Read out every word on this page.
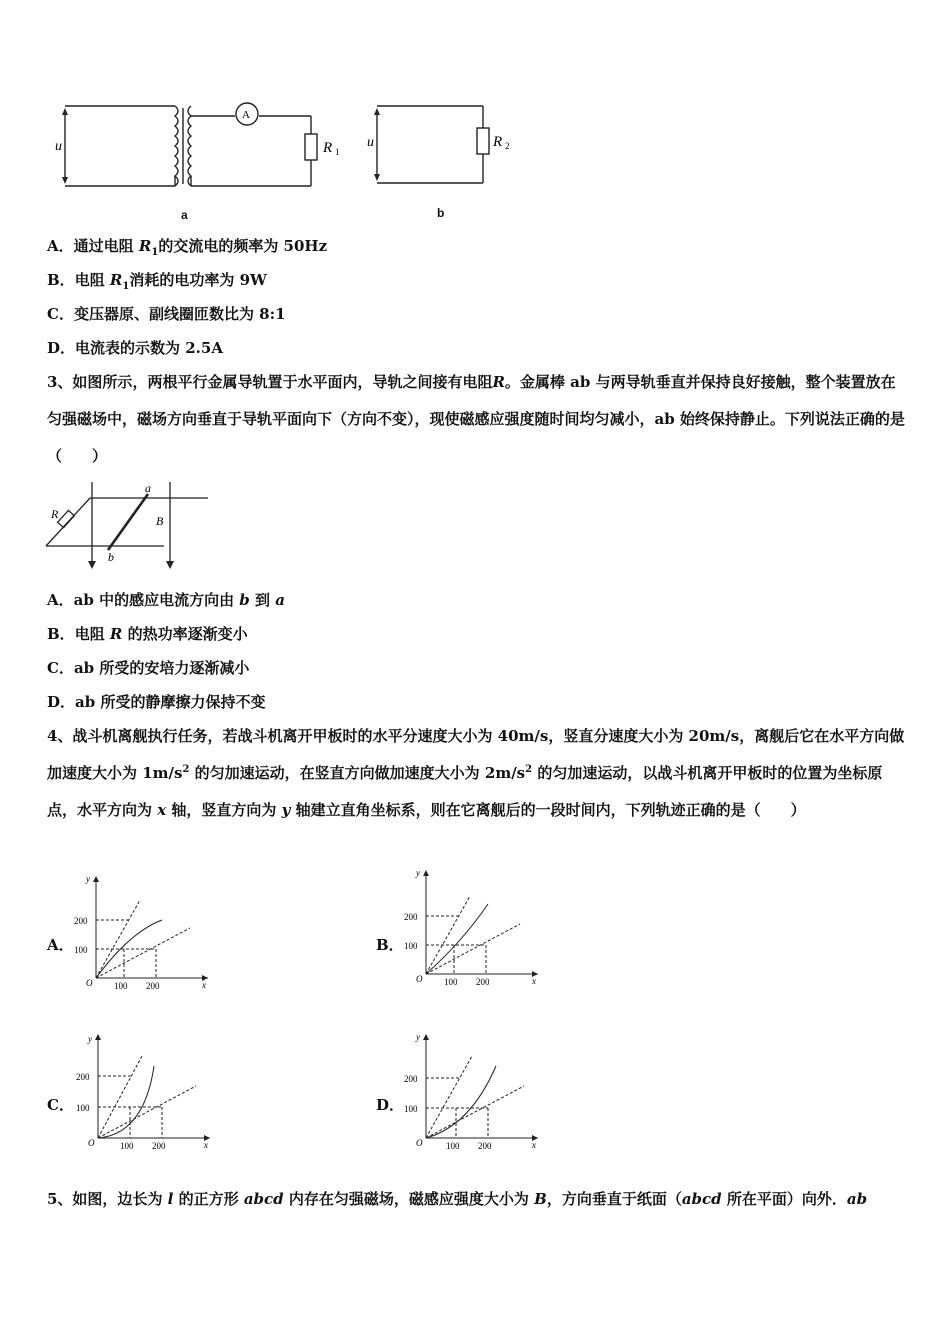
u
A
R 1
a
u	R 2
b
A．通过电阻 $R_1$的交流电的频率为 50Hz
B．电阻 $R_1$消耗的电功率为 9W
C．变压器原、副线圈匝数比为 8:1
D．电流表的示数为 2.5A
3、如图所示，两根平行金属导轨置于水平面内，导轨之间接有电阻R。金属棒 ab 与两导轨垂直并保持良好接触，整个装置放在匀强磁场中，磁场方向垂直于导轨平面向下（方向不变），现使磁感应强度随时间均匀减小，ab 始终保持静止。下列说法正确的是（　　）
R
a
b
B
A．ab 中的感应电流方向由 b 到 a
B．电阻 R 的热功率逐渐变小
C．ab 所受的安培力逐渐减小
D．ab 所受的静摩擦力保持不变
4、战斗机离舰执行任务，若战斗机离开甲板时的水平分速度大小为 40m/s，竖直分速度大小为 20m/s，离舰后它在水平方向做加速度大小为 $1m/s^2$ 的匀加速运动，在竖直方向做加速度大小为 $2m/s^2$ 的匀加速运动，以战斗机离开甲板时的位置为坐标原点，水平方向为 x 轴，竖直方向为 y 轴建立直角坐标系，则在它离舰后的一段时间内，下列轨迹正确的是（　　）
A．
200
100
100 200
O	x
y
B．
200
100
100 200
O	x
y
C．
200
100
100 200
O	x
y
D．
200
100
100 200
O	x
y
5、如图，边长为 l 的正方形 abcd 内存在匀强磁场，磁感应强度大小为 B，方向垂直于纸面（abcd 所在平面）向外．ab
